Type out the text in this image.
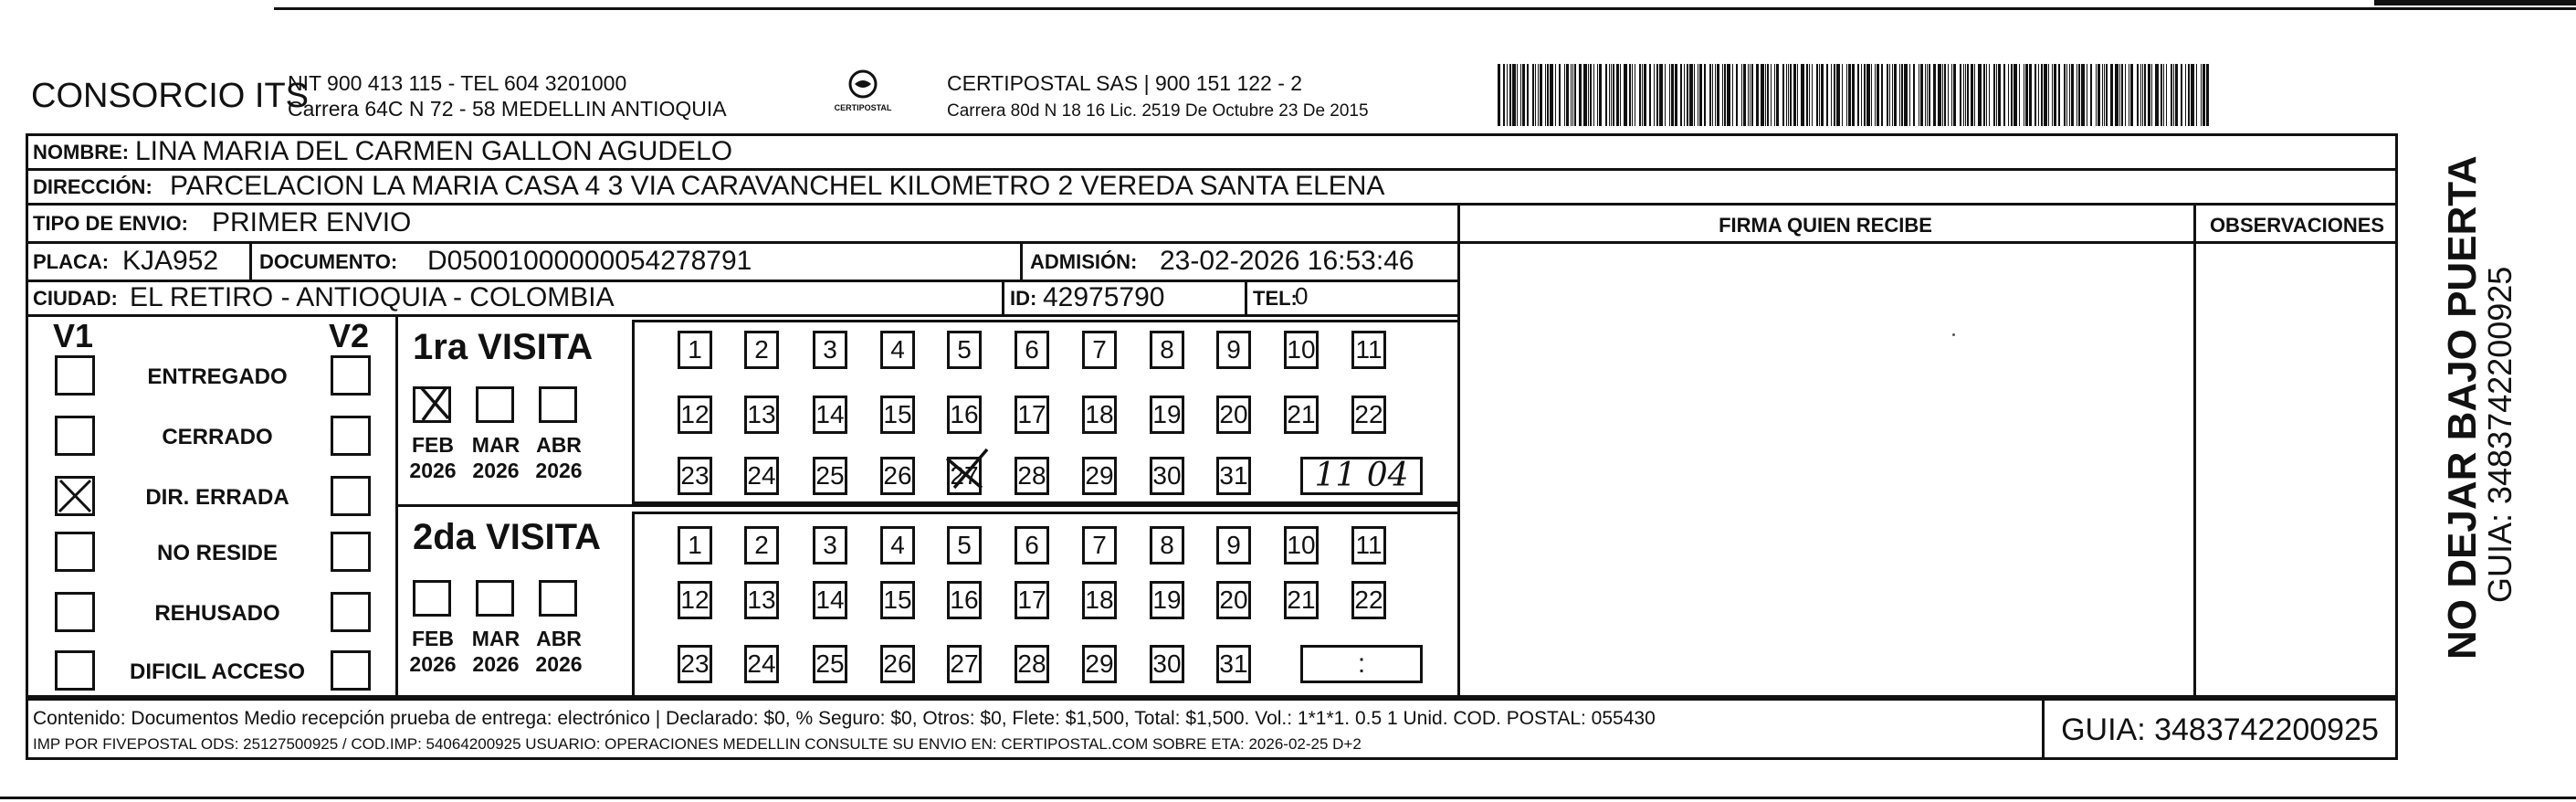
CONSORCIO ITS
NIT 900 413 115 - TEL 604 3201000
Carrera 64C N 72 - 58 MEDELLIN ANTIOQUIA	CERTIPOSTAL
CERTIPOSTAL SAS | 900 151 122 - 2
Carrera 80d N 18 16 Lic. 2519 De Octubre 23 De 2015
NOMBRE: LINA MARIA DEL CARMEN GALLON AGUDELO
DIRECCIÓN: PARCELACION LA MARIA CASA 4 3 VIA CARAVANCHEL KILOMETRO 2 VEREDA SANTA ELENA
TIPO DE ENVIO: PRIMER ENVIO	FIRMA QUIEN RECIBE	OBSERVACIONES
PLACA: KJA952 DOCUMENTO: D05001000000054278791	ADMISIÓN: 23-02-2026 16:53:46
CIUDAD: EL RETIRO - ANTIOQUIA - COLOMBIA	ID: 42975790	TEL:
0
V1	V2
ENTREGADO
CERRADO
DIR. ERRADA
NO RESIDE
REHUSADO
DIFICIL ACCESO
1ra VISITA
2da VISITA
FEB
2026
MAR
2026
ABR
2026
1	2	3	4	5	6	7	8	9	10 11
12 13 14 15 16 17 18 19 20 21 22
23 24 25 26 27 28 29 30 31	11 04
FEB
2026
MAR
2026
ABR
2026
1	2	3	4	5	6	7	8	9	10 11
12 13 14 15 16 17 18 19 20 21 22
23 24 25 26 27 28 29 30 31	:
Contenido: Documentos Medio recepción prueba de entrega: electrónico | Declarado: $0, % Seguro: $0, Otros: $0, Flete: $1,500, Total: $1,500. Vol.: 1*1*1. 0.5 1 Unid. COD. POSTAL: 055430
IMP POR FIVEPOSTAL ODS: 25127500925 / COD.IMP: 54064200925 USUARIO: OPERACIONES MEDELLIN CONSULTE SU ENVIO EN: CERTIPOSTAL.COM SOBRE ETA: 2026-02-25 D+2	GUIA: 3483742200925
NO DEJAR BAJO PUERTA
GUIA: 3483742200925
